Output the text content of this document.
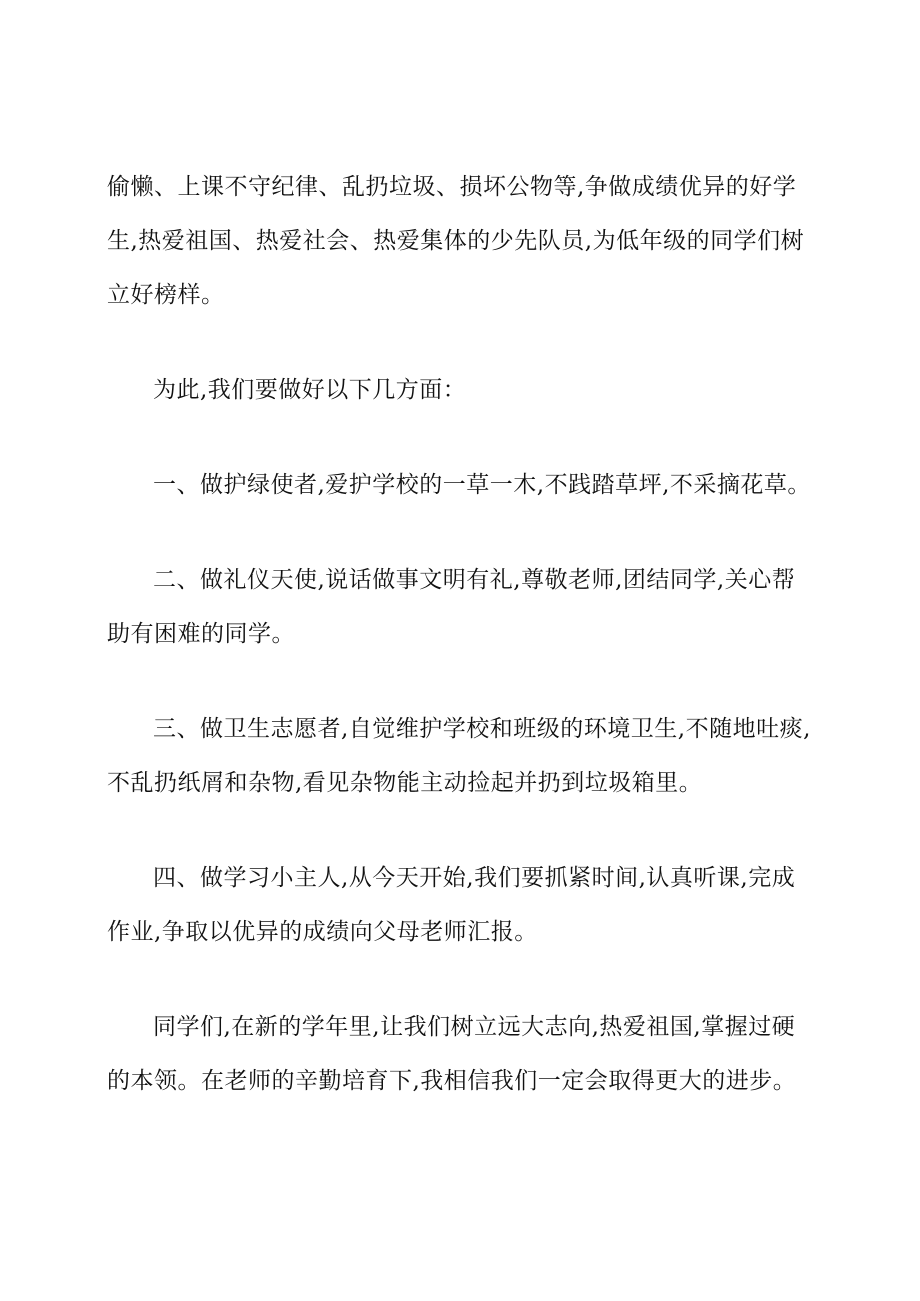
偷懒、上课不守纪律、乱扔垃圾、损坏公物等,争做成绩优异的好学生,热爱祖国、热爱社会、热爱集体的少先队员,为低年级的同学们树立好榜样。

为此,我们要做好以下几方面：

一、做护绿使者,爱护学校的一草一木,不践踏草坪,不采摘花草。

二、做礼仪天使,说话做事文明有礼,尊敬老师,团结同学,关心帮助有困难的同学。

三、做卫生志愿者,自觉维护学校和班级的环境卫生,不随地吐痰,不乱扔纸屑和杂物,看见杂物能主动捡起并扔到垃圾箱里。

四、做学习小主人,从今天开始,我们要抓紧时间,认真听课,完成作业,争取以优异的成绩向父母老师汇报。

同学们,在新的学年里,让我们树立远大志向,热爱祖国,掌握过硬的本领。在老师的辛勤培育下,我相信我们一定会取得更大的进步。
